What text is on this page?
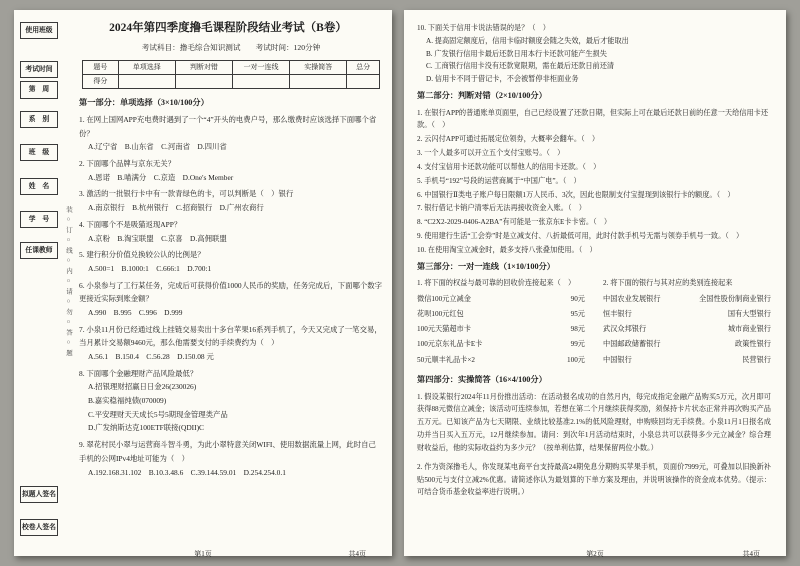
使用班级
考试时间
第　周
系　别
班　级
姓　名
学　号
任课教师
拟题人签名
校卷人签名
装○订○线○内○请○勿○答○题
2024年第四季度撸毛课程阶段结业考试（B卷）
考试科目：撸毛综合知识测试　　考试时间：120分钟
题号	单项选择	判断对错	一对一连线	实操简答	总分
得分					
第一部分：单项选择（3×10/100分）
1. 在网上国网APP充电费时遇到了一个“4”开头的电费户号，那么缴费时应该选择下面哪个省份？
A.辽宁省　B.山东省　C.河南省　D.四川省
2. 下面哪个品牌与京东无关？
A.恩诺　B.喵满分　C.京造　D.One's Member
3. 激活的一批银行卡中有一款青绿色的卡，可以判断是（　）银行
A.南京银行　B.杭州银行　C.招商银行　D.广州农商行
4. 下面哪个不是吸猫返现APP？
A.京粉　B.淘宝联盟　C.京喜　D.高佣联盟
5. 建行积分价值兑换较公认的比例是？
A.500=1　B.1000:1　C.666:1　D.700:1
6. 小泉参与了工行某任务，完成后可获得价值1000人民币的奖励，任务完成后，下面哪个数字更接近实际到账金额？
A.990　B.995　C.996　D.999
7. 小泉11月份已经通过线上挂链交易卖出十多台苹果16系列手机了，今天又完成了一笔交易，当月累计交易额9460元，那么他需要支付的手续费约为（　）
A.56.1　B.150.4　C.56.28　D.150.08 元
8. 下面哪个金融理财产品风险最低？
A.招银理财招赢日日金26(230026)
B.嘉实稳福纯债(070009)
C.平安理财天天成长5号5期现金管理类产品
D.广发纳斯达克100ETF联接(QDII)C
9. 翠花村民小翠与运营商斗智斗勇，为此小翠特意关闭WIFI、使用数据流量上网，此时自己手机的公网IPv4地址可能为（　）
A.192.168.31.102　B.10.3.48.6　C.39.144.59.01　D.254.254.0.1
第1页	共4页
10. 下面关于信用卡说法错误的是？（　）
A. 提高固定额度后，信用卡临时额度会随之失效，最后才能取出
B. 广发银行信用卡最后还款日用本行卡还款可能产生损失
C. 工商银行信用卡没有还款宽限期，需在最后还款日前还清
D. 信用卡不同于借记卡，不会被暂停非柜面业务
第二部分：判断对错（2×10/100分）
1. 在银行APP的普通账单页面里，自己已经设置了还款日期，但实际上可在最后还款日前的任意一天给信用卡还款。（　）
2. 云闪付APP可通过拓展定位领券，大概率会翻车。（　）
3. 一个人最多可以开立五个支付宝账号。（　）
4. 支付宝信用卡还款功能可以帮他人的信用卡还款。（　）
5. 手机号“192”号段的运营商属于“中国广电”。（　）
6. 中国银行Ⅱ类电子账户每日限额1万人民币、3次，因此也限制支付宝提现到该银行卡的额度。（　）
7. 银行借记卡销户清零后无法再接收资金入账。（　）
8. “C2X2-2029-0406-A2BA”有可能是一张京东E卡卡密。（　）
9. 使用建行生活“工会券”时是立减支付、八折最低可用，此时付款手机号无需与领券手机号一致。（　）
10. 在使用淘宝立减金时，最多支持八张叠加使用。（　）
第三部分：一对一连线（1×10/100分）
1. 将下面的权益与最可靠的回收价连接起来（　）
微信100元立减金	90元
花呗100元红包	95元
100元天猫超市卡	98元
100元京东礼品卡E卡	99元
50元顺丰礼品卡×2	100元
2. 将下面的银行与其对应的类别连接起来
中国农业发展银行	全国性股份制商业银行
恒丰银行	国有大型银行
武汉众邦银行	城市商业银行
中国邮政储蓄银行	政策性银行
中国银行	民营银行
第四部分：实操简答（16×4/100分）
1. 假设某银行2024年11月份推出活动：在活动报名成功的自然月内，每完成指定金融产品购买5万元，次月即可获得88元微信立减金；该活动可连续参加，若想在第二个月继续获得奖励，须保持卡片状态正常并再次购买产品五万元。已知该产品为七天期限、业绩比较基准2.1%的低风险理财，申购赎回均无手续费。小泉11月1日报名成功并当日买入五万元，12月继续参加。请问：到次年1月活动结束时，小泉总共可以获得多少元立减金？综合理财收益后，他的实际收益约为多少元？（按单利估算，结果保留两位小数。）
2. 作为资深撸毛人，你发现某电商平台支持最高24期免息分期购买苹果手机，页面价7999元，可叠加以旧换新补贴500元与支付立减2%优惠。请简述你认为最划算的下单方案及理由，并说明该操作的资金成本优势。（提示：可结合货币基金收益率进行说明。）
第2页	共4页
